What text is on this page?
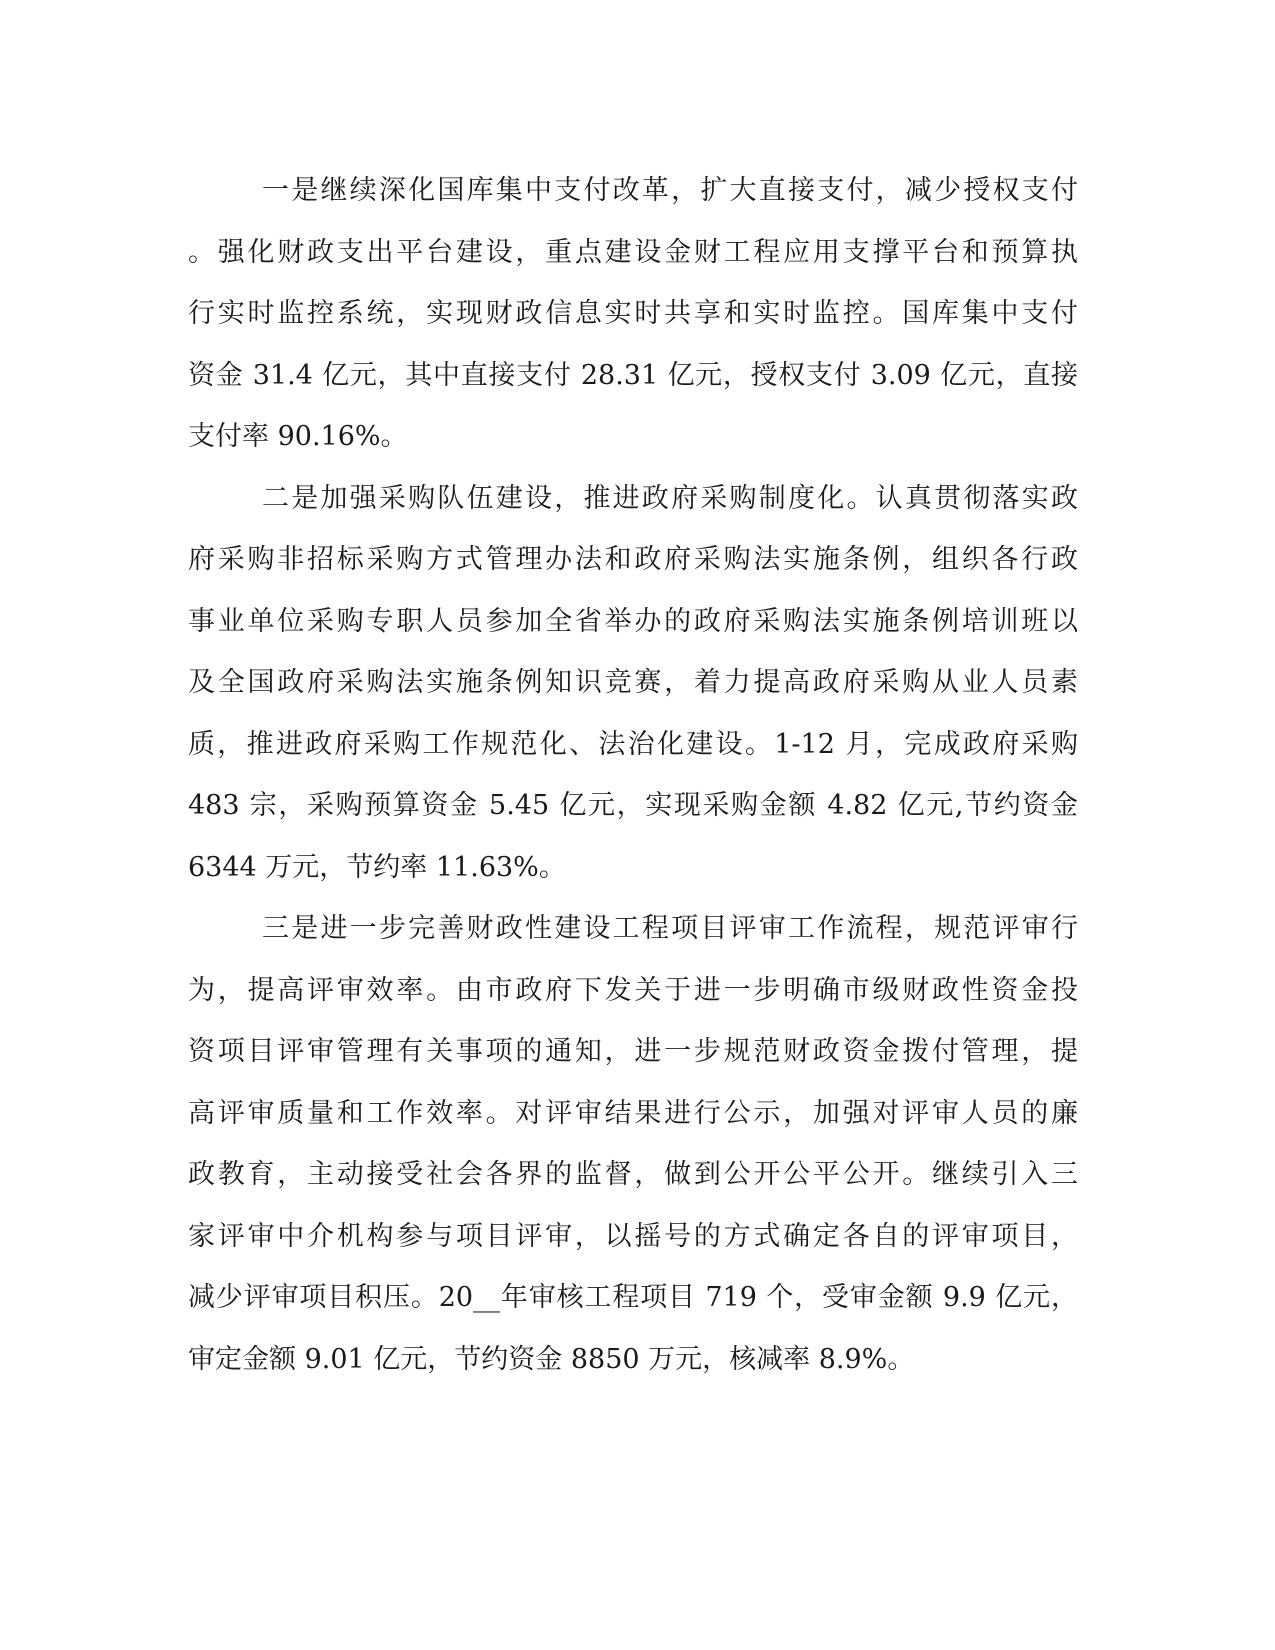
一是继续深化国库集中支付改革，扩大直接支付，减少授权支付
。强化财政支出平台建设，重点建设金财工程应用支撑平台和预算执
行实时监控系统，实现财政信息实时共享和实时监控。国库集中支付
资金 31.4 亿元，其中直接支付 28.31 亿元，授权支付 3.09 亿元，直接
支付率 90.16%。
二是加强采购队伍建设，推进政府采购制度化。认真贯彻落实政
府采购非招标采购方式管理办法和政府采购法实施条例，组织各行政
事业单位采购专职人员参加全省举办的政府采购法实施条例培训班以
及全国政府采购法实施条例知识竞赛，着力提高政府采购从业人员素
质，推进政府采购工作规范化、法治化建设。1-12 月，完成政府采购
483 宗，采购预算资金 5.45 亿元，实现采购金额 4.82 亿元,节约资金
6344 万元，节约率 11.63%。
三是进一步完善财政性建设工程项目评审工作流程，规范评审行
为，提高评审效率。由市政府下发关于进一步明确市级财政性资金投
资项目评审管理有关事项的通知，进一步规范财政资金拨付管理，提
高评审质量和工作效率。对评审结果进行公示，加强对评审人员的廉
政教育，主动接受社会各界的监督，做到公开公平公开。继续引入三
家评审中介机构参与项目评审，以摇号的方式确定各自的评审项目，
减少评审项目积压。20__年审核工程项目 719 个，受审金额 9.9 亿元，
审定金额 9.01 亿元，节约资金 8850 万元，核减率 8.9%。
